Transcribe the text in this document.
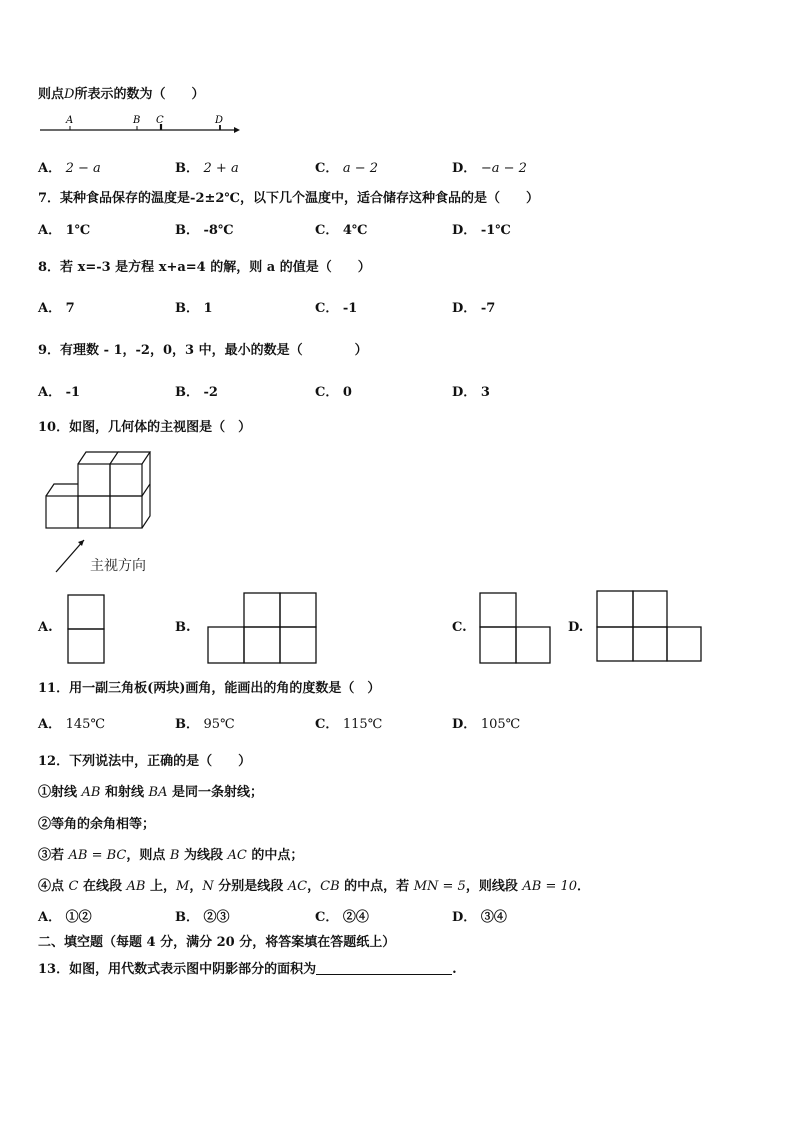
则点D所表示的数为（　　）
A	B C	D
A． 2 − a	B． 2 + a	C． a − 2	D． −a − 2
7．某种食品保存的温度是-2±2℃，以下几个温度中，适合储存这种食品的是（　　）
A． 1℃	B． -8℃	C． 4℃	D． -1℃
8．若 x=-3 是方程 x+a=4 的解，则 a 的值是（　　）
A． 7	B． 1	C． -1	D． -7
9．有理数 - 1，-2，0，3 中，最小的数是（　　　　）
A． -1	B． -2	C． 0	D． 3
10．如图，几何体的主视图是（　）
主视方向
A.	B.	C.	D.
11．用一副三角板(两块)画角，能画出的角的度数是（　）
A． 145℃	B． 95℃	C． 115℃	D． 105℃
12．下列说法中，正确的是（　　）
①射线 AB 和射线 BA 是同一条射线；
②等角的余角相等；
③若 AB = BC，则点 B 为线段 AC 的中点；
④点 C 在线段 AB 上，M，N 分别是线段 AC，CB 的中点，若 MN = 5，则线段 AB = 10．
A． ①②	B． ②③	C． ②④	D． ③④
二、填空题（每题 4 分，满分 20 分，将答案填在答题纸上）
13．如图，用代数式表示图中阴影部分的面积为	.
